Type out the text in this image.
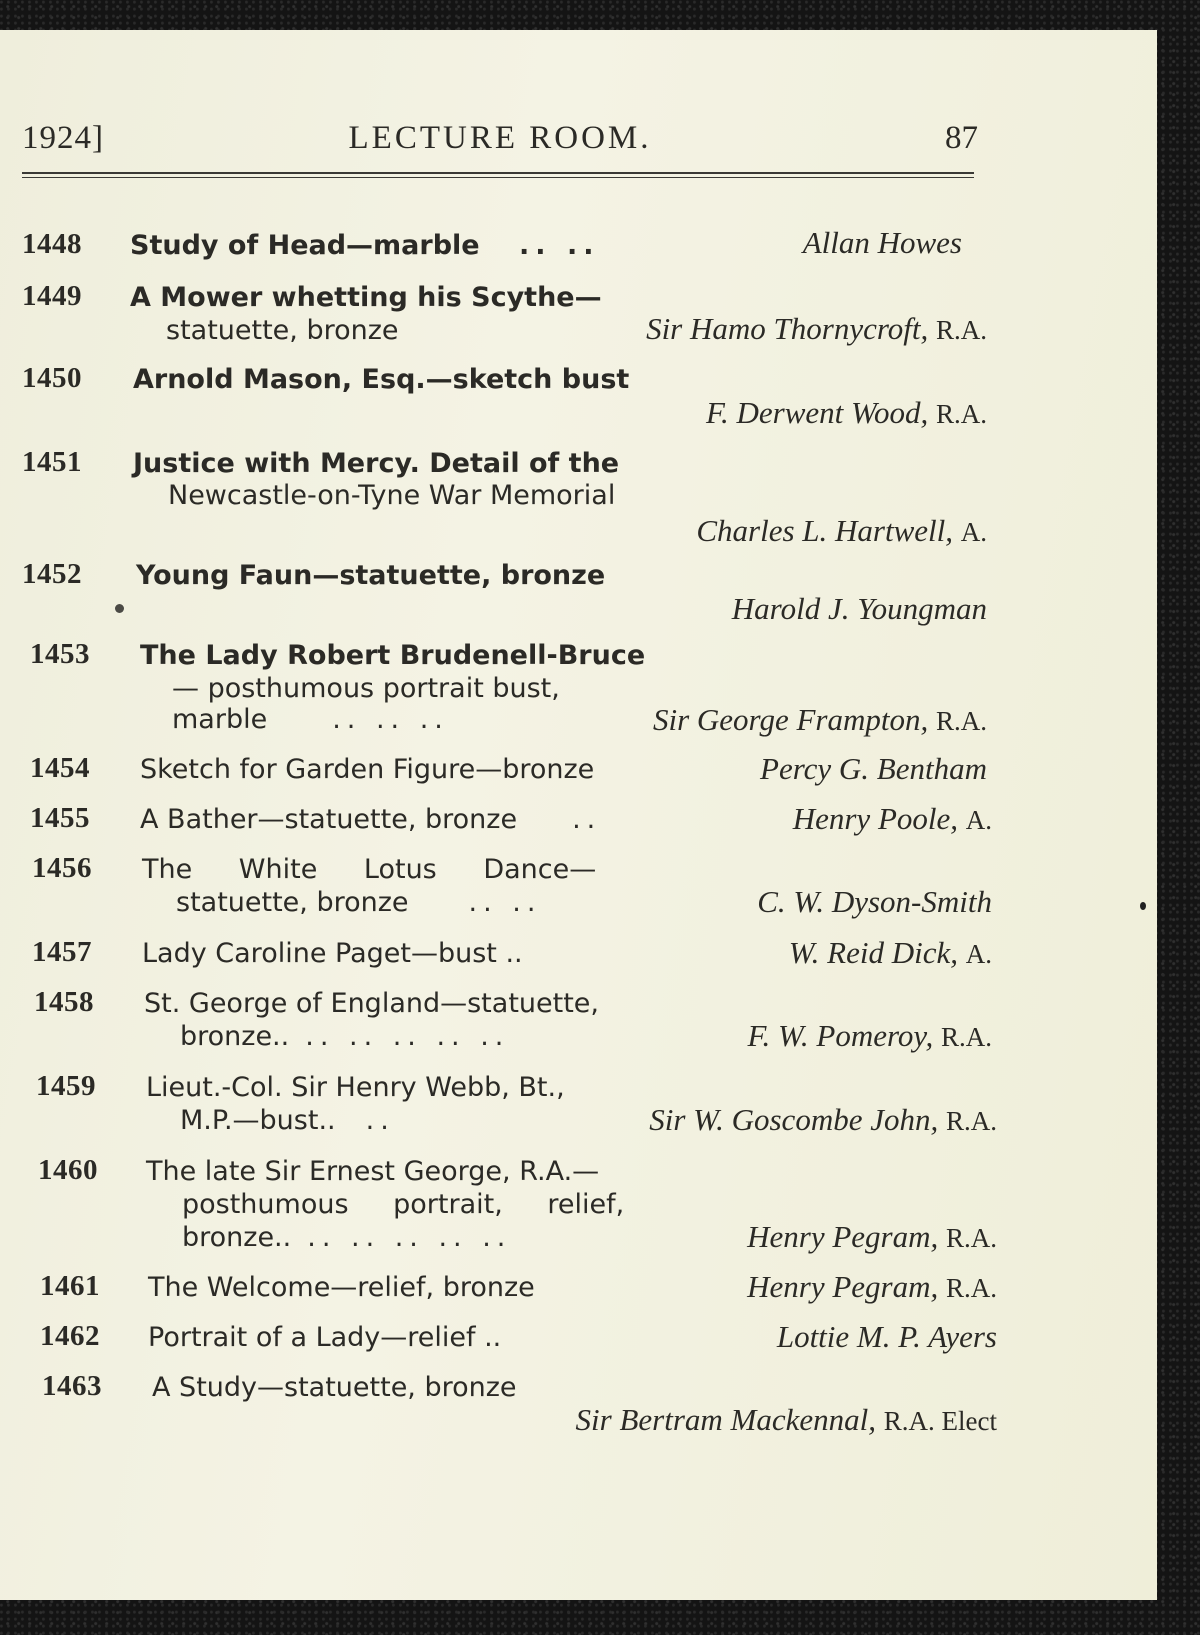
1924]	LECTURE ROOM.	87
1448 Study of Head—marble .. ..	Allan Howes
1449 A Mower whetting his Scythe—
statuette, bronze	Sir Hamo Thornycroft, R.A.
1450 Arnold Mason, Esq.—sketch bust
F. Derwent Wood, R.A.
1451 Justice with Mercy. Detail of the
Newcastle-on-Tyne War Memorial
Charles L. Hartwell, A.
1452 Young Faun—statuette, bronze
Harold J. Youngman
1453 The Lady Robert Brudenell-Bruce
— posthumous portrait bust,
marble .. .. ..	Sir George Frampton, R.A.
1454 Sketch for Garden Figure—bronze	Percy G. Bentham
1455 A Bather—statuette, bronze ..	Henry Poole, A.
1456 The White Lotus Dance—
statuette, bronze .. ..	C. W. Dyson-Smith
1457 Lady Caroline Paget—bust ..	W. Reid Dick, A.
1458 St. George of England—statuette,
bronze.. .. .. .. .. ..	F. W. Pomeroy, R.A.
1459 Lieut.-Col. Sir Henry Webb, Bt.,
M.P.—bust.. ..	Sir W. Goscombe John, R.A.
1460 The late Sir Ernest George, R.A.—
posthumous portrait, relief,
bronze.. .. .. .. .. ..	Henry Pegram, R.A.
1461 The Welcome—relief, bronze	Henry Pegram, R.A.
1462 Portrait of a Lady—relief ..	Lottie M. P. Ayers
1463 A Study—statuette, bronze
Sir Bertram Mackennal, R.A. Elect
